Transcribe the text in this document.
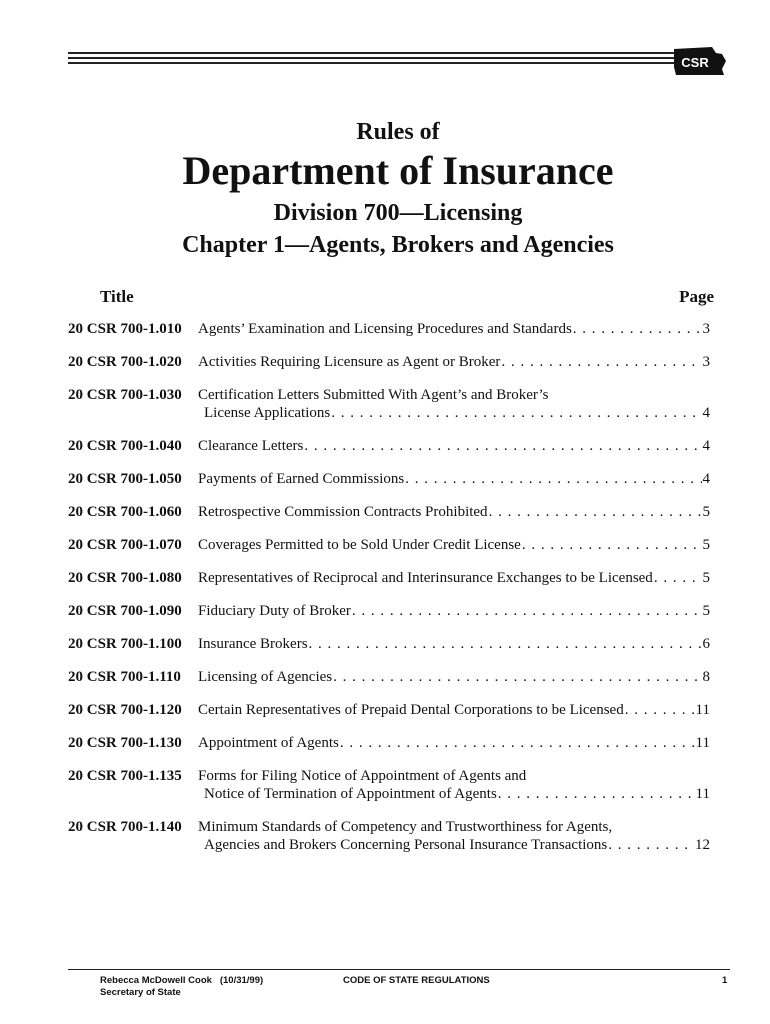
CSR
Rules of
Department of Insurance
Division 700—Licensing
Chapter 1—Agents, Brokers and Agencies
Title	Page
20 CSR 700-1.010	Agents’ Examination and Licensing Procedures and Standards . . .	3
20 CSR 700-1.020	Activities Requiring Licensure as Agent or Broker . . .	3
20 CSR 700-1.030	Certification Letters Submitted With Agent’s and Broker’s
License Applications . . .	4
20 CSR 700-1.040	Clearance Letters . . .	4
20 CSR 700-1.050	Payments of Earned Commissions . . .	4
20 CSR 700-1.060	Retrospective Commission Contracts Prohibited . . .	5
20 CSR 700-1.070	Coverages Permitted to be Sold Under Credit License . . .	5
20 CSR 700-1.080	Representatives of Reciprocal and Interinsurance Exchanges to be Licensed . . .	5
20 CSR 700-1.090	Fiduciary Duty of Broker . . .	5
20 CSR 700-1.100	Insurance Brokers . . .	6
20 CSR 700-1.110	Licensing of Agencies . . .	8
20 CSR 700-1.120	Certain Representatives of Prepaid Dental Corporations to be Licensed . . .	11
20 CSR 700-1.130	Appointment of Agents . . .	11
20 CSR 700-1.135	Forms for Filing Notice of Appointment of Agents and
Notice of Termination of Appointment of Agents . . .	11
20 CSR 700-1.140	Minimum Standards of Competency and Trustworthiness for Agents,
Agencies and Brokers Concerning Personal Insurance Transactions . . .	12
Rebecca McDowell Cook (10/31/99)
Secretary of State
CODE OF STATE REGULATIONS	1
